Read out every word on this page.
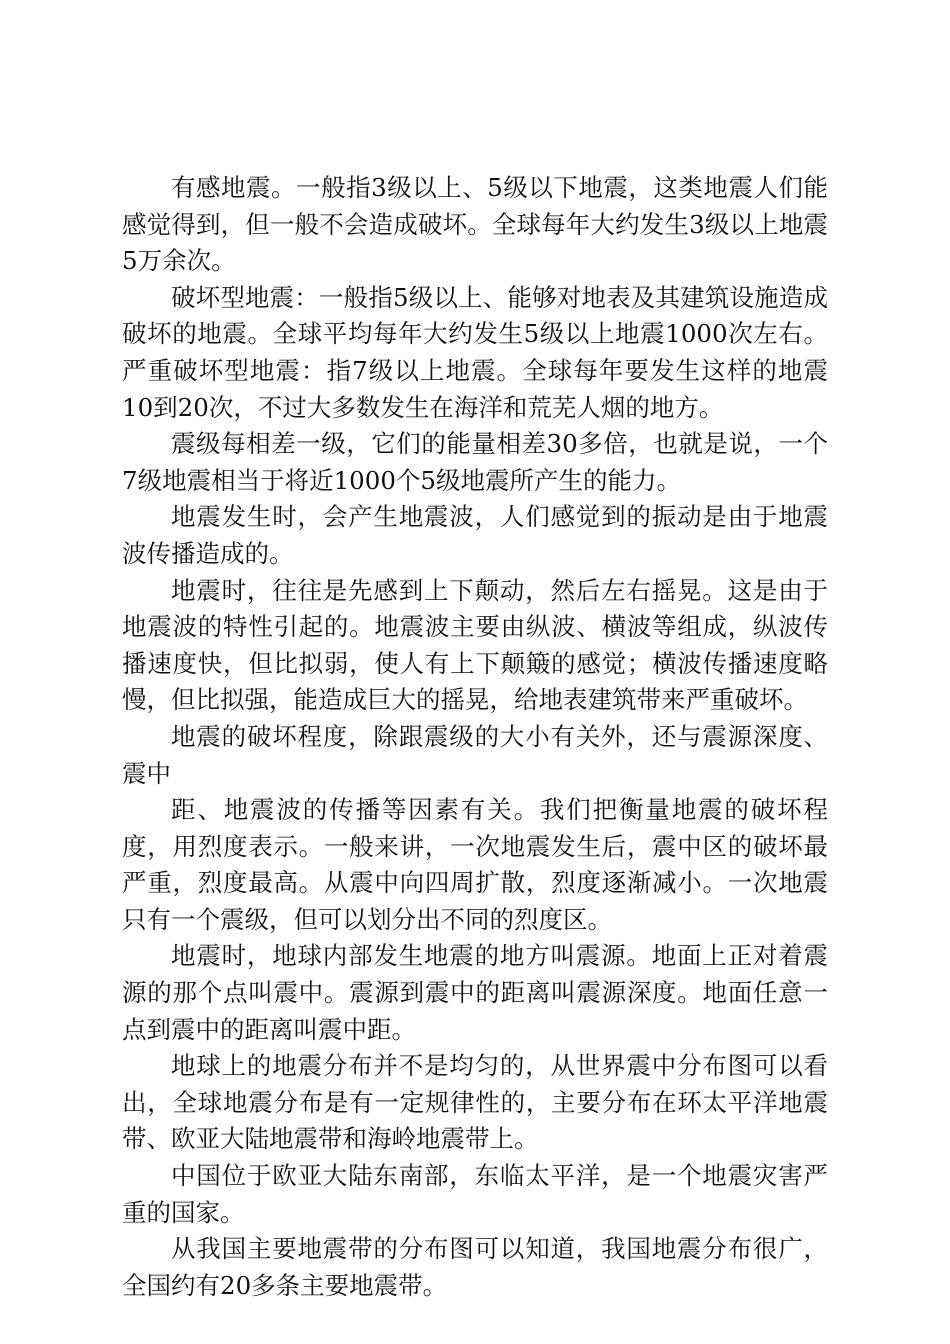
有感地震。一般指3级以上、5级以下地震，这类地震人们能感觉得到，但一般不会造成破坏。全球每年大约发生3级以上地震5万余次。

破坏型地震：一般指5级以上、能够对地表及其建筑设施造成破坏的地震。全球平均每年大约发生5级以上地震1000次左右。严重破坏型地震：指7级以上地震。全球每年要发生这样的地震10到20次，不过大多数发生在海洋和荒芜人烟的地方。

震级每相差一级，它们的能量相差30多倍，也就是说，一个7级地震相当于将近1000个5级地震所产生的能力。

地震发生时，会产生地震波，人们感觉到的振动是由于地震波传播造成的。

地震时，往往是先感到上下颠动，然后左右摇晃。这是由于地震波的特性引起的。地震波主要由纵波、横波等组成，纵波传播速度快，但比拟弱，使人有上下颠簸的感觉；横波传播速度略慢，但比拟强，能造成巨大的摇晃，给地表建筑带来严重破坏。

地震的破坏程度，除跟震级的大小有关外，还与震源深度、震中

距、地震波的传播等因素有关。我们把衡量地震的破坏程度，用烈度表示。一般来讲，一次地震发生后，震中区的破坏最严重，烈度最高。从震中向四周扩散，烈度逐渐减小。一次地震只有一个震级，但可以划分出不同的烈度区。

地震时，地球内部发生地震的地方叫震源。地面上正对着震源的那个点叫震中。震源到震中的距离叫震源深度。地面任意一点到震中的距离叫震中距。

地球上的地震分布并不是均匀的，从世界震中分布图可以看出，全球地震分布是有一定规律性的，主要分布在环太平洋地震带、欧亚大陆地震带和海岭地震带上。

中国位于欧亚大陆东南部，东临太平洋，是一个地震灾害严重的国家。

从我国主要地震带的分布图可以知道，我国地震分布很广，全国约有20多条主要地震带。
